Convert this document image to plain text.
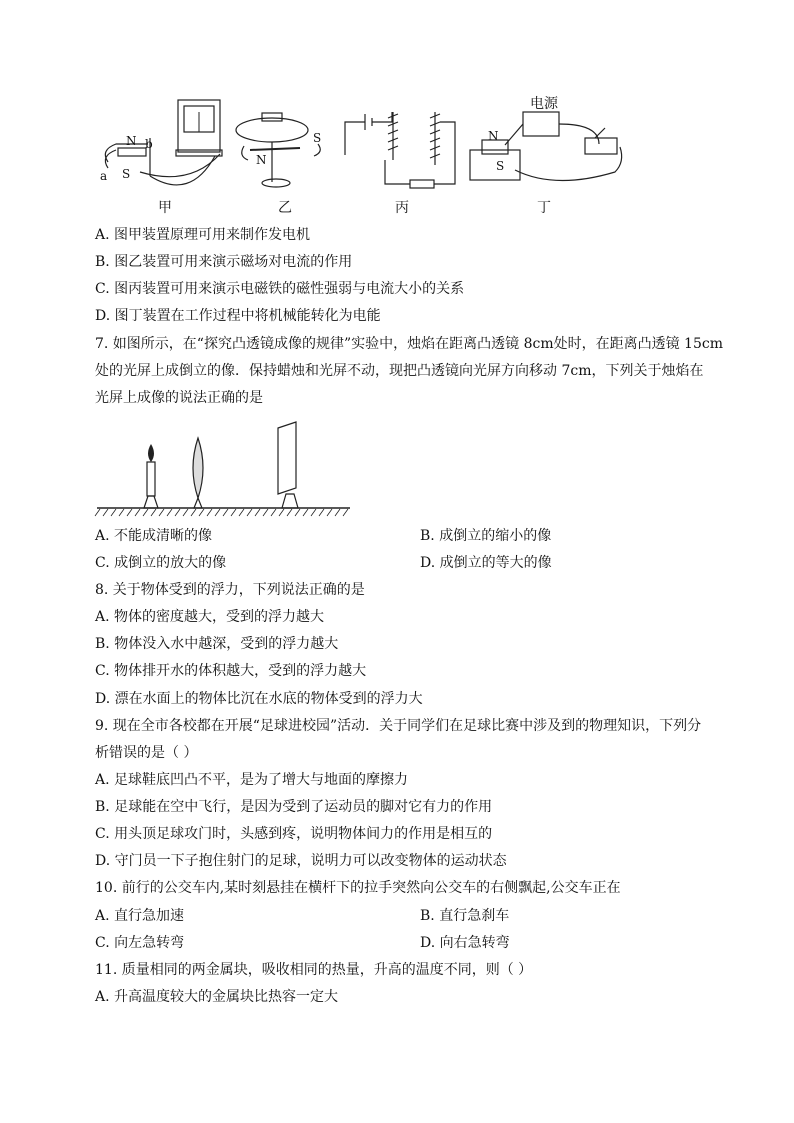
N b
S
a
N
S	N
S
电源
甲	乙	丙	丁
A. 图甲装置原理可用来制作发电机
B. 图乙装置可用来演示磁场对电流的作用
C. 图丙装置可用来演示电磁铁的磁性强弱与电流大小的关系
D. 图丁装置在工作过程中将机械能转化为电能
7. 如图所示，在“探究凸透镜成像的规律”实验中，烛焰在距离凸透镜 8cm处时，在距离凸透镜 15cm
处的光屏上成倒立的像．保持蜡烛和光屏不动，现把凸透镜向光屏方向移动 7cm，下列关于烛焰在
光屏上成像的说法正确的是
A. 不能成清晰的像	B. 成倒立的缩小的像
C. 成倒立的放大的像	D. 成倒立的等大的像
8. 关于物体受到的浮力，下列说法正确的是
A. 物体的密度越大，受到的浮力越大
B. 物体没入水中越深，受到的浮力越大
C. 物体排开水的体积越大，受到的浮力越大
D. 漂在水面上的物体比沉在水底的物体受到的浮力大
9. 现在全市各校都在开展“足球进校园”活动．关于同学们在足球比赛中涉及到的物理知识，下列分
析错误的是（ ）
A. 足球鞋底凹凸不平，是为了增大与地面的摩擦力
B. 足球能在空中飞行，是因为受到了运动员的脚对它有力的作用
C. 用头顶足球攻门时，头感到疼，说明物体间力的作用是相互的
D. 守门员一下子抱住射门的足球，说明力可以改变物体的运动状态
10. 前行的公交车内,某时刻悬挂在横杆下的拉手突然向公交车的右侧飘起,公交车正在
A. 直行急加速	B. 直行急刹车
C. 向左急转弯	D. 向右急转弯
11. 质量相同的两金属块，吸收相同的热量，升高的温度不同，则（ ）
A. 升高温度较大的金属块比热容一定大
